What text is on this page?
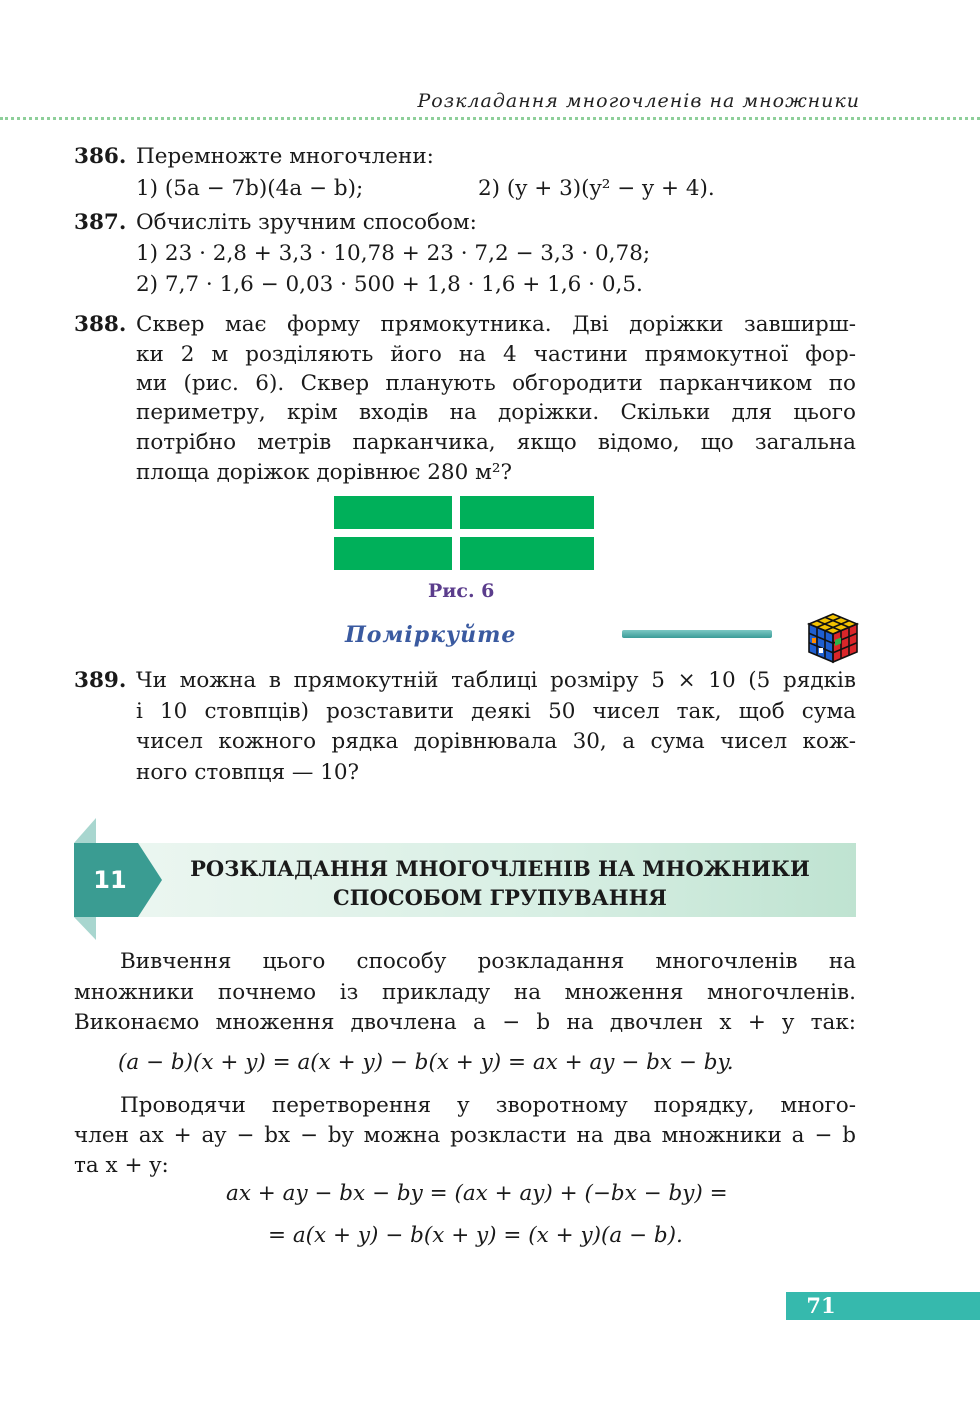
Розкладання многочленів на множники
386. Перемножте многочлени:
1) (5a − 7b)(4a − b);	2) (y + 3)(y² − y + 4).
387. Обчисліть зручним способом:
1) 23 · 2,8 + 3,3 · 10,78 + 23 · 7,2 − 3,3 · 0,78;
2) 7,7 · 1,6 − 0,03 · 500 + 1,8 · 1,6 + 1,6 · 0,5.
388. Сквер має форму прямокутника. Дві доріжки завширш-
ки 2 м розділяють його на 4 частини прямокутної фор-
ми (рис. 6). Сквер планують обгородити парканчиком по
периметру, крім входів на доріжки. Скільки для цього
потрібно метрів парканчика, якщо відомо, що загальна
площа доріжок дорівнює 280 м²?
Рис. 6
Поміркуйте
389. Чи можна в прямокутній таблиці розміру 5 × 10 (5 рядків
і 10 стовпців) розставити деякі 50 чисел так, щоб сума
чисел кожного рядка дорівнювала 30, а сума чисел кож-
ного стовпця — 10?
11	РОЗКЛАДАННЯ МНОГОЧЛЕНІВ НА МНОЖНИКИ
СПОСОБОМ ГРУПУВАННЯ
Вивчення цього способу розкладання многочленів на
множники почнемо із прикладу на множення многочленів.
Виконаємо множення двочлена a − b на двочлен x + y так:
(a − b)(x + y) = a(x + y) − b(x + y) = ax + ay − bx − by.
Проводячи перетворення у зворотному порядку, много-
член ax + ay − bx − by можна розкласти на два множники a − b
та x + y:
ax + ay − bx − by = (ax + ay) + (−bx − by) =
= a(x + y) − b(x + y) = (x + y)(a − b).
71
